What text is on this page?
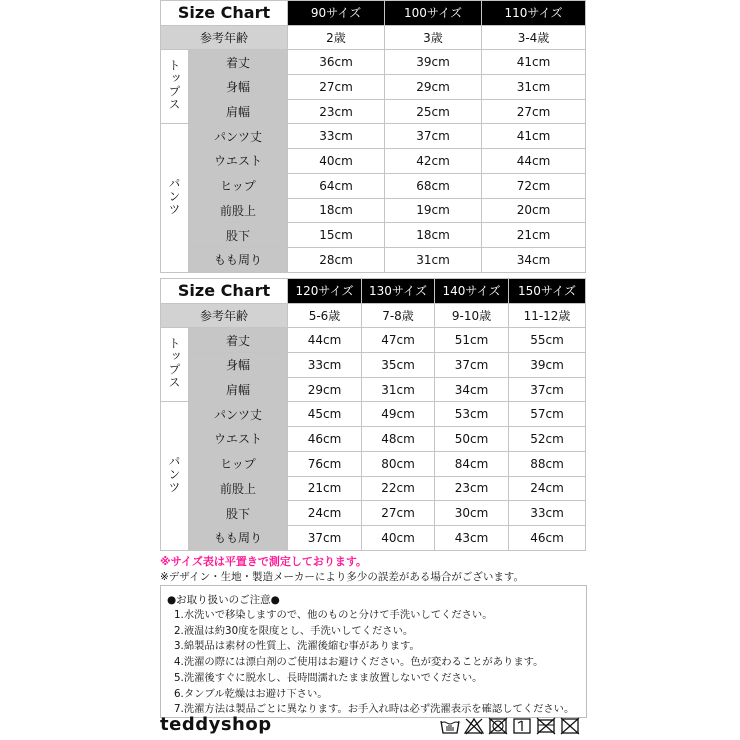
Size Chart		90サイズ	100サイズ	110サイズ
参考年齢		2歳	3歳	3-4歳
トップス	着丈	36cm	39cm	41cm
	身幅	27cm	29cm	31cm
	肩幅	23cm	25cm	27cm
パンツ	パンツ丈	33cm	37cm	41cm
	ウエスト	40cm	42cm	44cm
	ヒップ	64cm	68cm	72cm
	前股上	18cm	19cm	20cm
	股下	15cm	18cm	21cm
	もも周り	28cm	31cm	34cm
Size Chart		120サイズ	130サイズ	140サイズ	150サイズ
参考年齢		5-6歳	7-8歳	9-10歳	11-12歳
トップス	着丈	44cm	47cm	51cm	55cm
	身幅	33cm	35cm	37cm	39cm
	肩幅	29cm	31cm	34cm	37cm
パンツ	パンツ丈	45cm	49cm	53cm	57cm
	ウエスト	46cm	48cm	50cm	52cm
	ヒップ	76cm	80cm	84cm	88cm
	前股上	21cm	22cm	23cm	24cm
	股下	24cm	27cm	30cm	33cm
	もも周り	37cm	40cm	43cm	46cm
※サイズ表は平置きで測定しております。
※デザイン・生地・製造メーカーにより多少の誤差がある場合がございます。
●お取り扱いのご注意●
1.水洗いで移染しますので、他のものと分けて手洗いしてください。
2.液温は約30度を限度とし、手洗いしてください。
3.綿製品は素材の性質上、洗濯後縮む事があります。
4.洗濯の際には漂白剤のご使用はお避けください。色が変わることがあります。
5.洗濯後すぐに脱水し、長時間濡れたまま放置しないでください。
6.タンブル乾燥はお避け下さい。
7.洗濯方法は製品ごとに異なります。お手入れ時は必ず洗濯表示を確認してください。
teddyshop
